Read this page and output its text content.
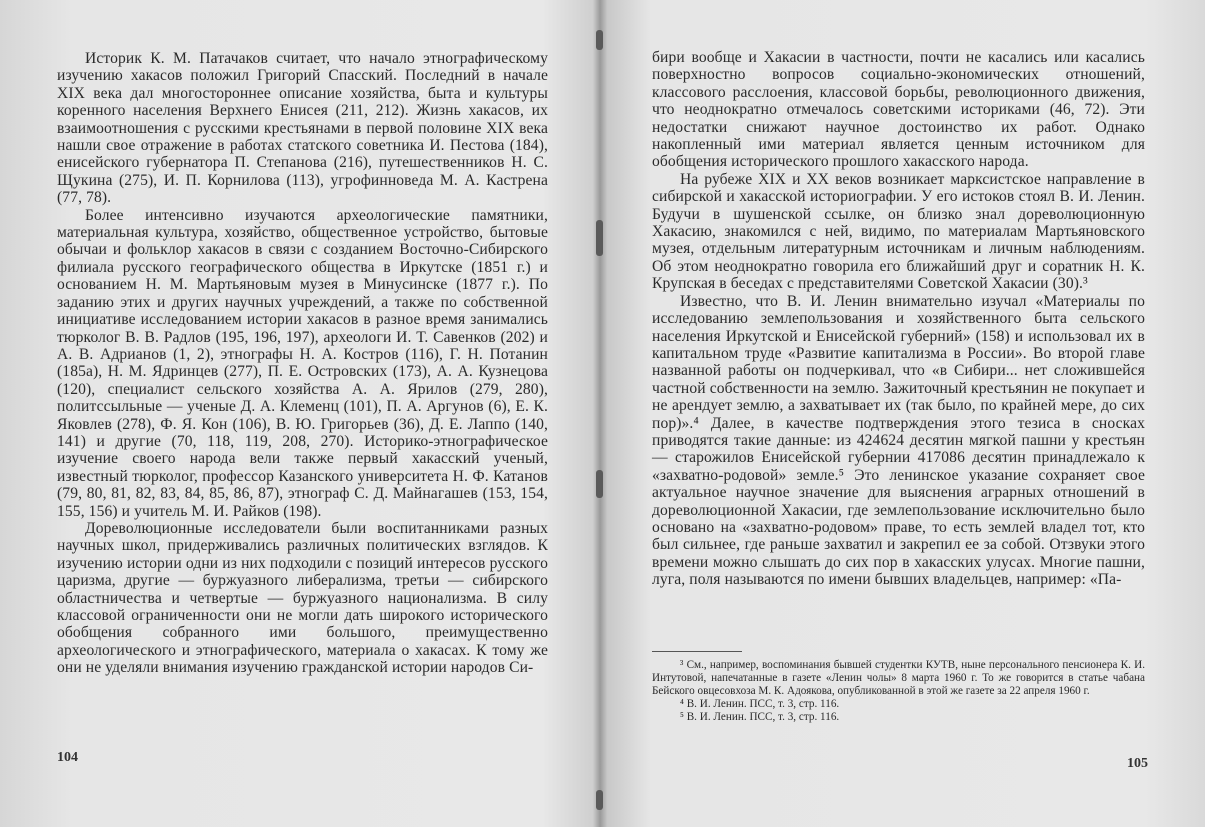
Историк К. М. Патачаков считает, что начало этнографическому изучению хакасов положил Григорий Спасский. Последний в начале XIX века дал многостороннее описание хозяйства, быта и культуры коренного населения Верхнего Енисея (211, 212). Жизнь хакасов, их взаимоотношения с русскими крестьянами в первой половине XIX века нашли свое отражение в работах статского советника И. Пестова (184), енисейского губернатора П. Степанова (216), путешественников Н. С. Щукина (275), И. П. Корнилова (113), угрофинноведа М. А. Кастрена (77, 78).

Более интенсивно изучаются археологические памятники, материальная культура, хозяйство, общественное устройство, бытовые обычаи и фольклор хакасов в связи с созданием Восточно-Сибирского филиала русского географического общества в Иркутске (1851 г.) и основанием Н. М. Мартьяновым музея в Минусинске (1877 г.). По заданию этих и других научных учреждений, а также по собственной инициативе исследованием истории хакасов в разное время занимались тюрколог В. В. Радлов (195, 196, 197), археологи И. Т. Савенков (202) и А. В. Адрианов (1, 2), этнографы Н. А. Костров (116), Г. Н. Потанин (185а), Н. М. Ядринцев (277), П. Е. Островских (173), А. А. Кузнецова (120), специалист сельского хозяйства А. А. Ярилов (279, 280), политссыльные — ученые Д. А. Клеменц (101), П. А. Аргунов (6), Е. К. Яковлев (278), Ф. Я. Кон (106), В. Ю. Григорьев (36), Д. Е. Лаппо (140, 141) и другие (70, 118, 119, 208, 270). Историко-этнографическое изучение своего народа вели также первый хакасский ученый, известный тюрколог, профессор Казанского университета Н. Ф. Катанов (79, 80, 81, 82, 83, 84, 85, 86, 87), этнограф С. Д. Майнагашев (153, 154, 155, 156) и учитель М. И. Райков (198).

Дореволюционные исследователи были воспитанниками разных научных школ, придерживались различных политических взглядов. К изучению истории одни из них подходили с позиций интересов русского царизма, другие — буржуазного либерализма, третьи — сибирского областничества и четвертые — буржуазного национализма. В силу классовой ограниченности они не могли дать широкого исторического обобщения собранного ими большого, преимущественно археологического и этнографического, материала о хакасах. К тому же они не уделяли внимания изучению гражданской истории народов Си-

104

бири вообще и Хакасии в частности, почти не касались или касались поверхностно вопросов социально-экономических отношений, классового расслоения, классовой борьбы, революционного движения, что неоднократно отмечалось советскими историками (46, 72). Эти недостатки снижают научное достоинство их работ. Однако накопленный ими материал является ценным источником для обобщения исторического прошлого хакасского народа.

На рубеже XIX и XX веков возникает марксистское направление в сибирской и хакасской историографии. У его истоков стоял В. И. Ленин. Будучи в шушенской ссылке, он близко знал дореволюционную Хакасию, знакомился с ней, видимо, по материалам Мартьяновского музея, отдельным литературным источникам и личным наблюдениям. Об этом неоднократно говорила его ближайший друг и соратник Н. К. Крупская в беседах с представителями Советской Хакасии (30).³

Известно, что В. И. Ленин внимательно изучал «Материалы по исследованию землепользования и хозяйственного быта сельского населения Иркутской и Енисейской губерний» (158) и использовал их в капитальном труде «Развитие капитализма в России». Во второй главе названной работы он подчеркивал, что «в Сибири... нет сложившейся частной собственности на землю. Зажиточный крестьянин не покупает и не арендует землю, а захватывает их (так было, по крайней мере, до сих пор)».⁴ Далее, в качестве подтверждения этого тезиса в сносках приводятся такие данные: из 424624 десятин мягкой пашни у крестьян — старожилов Енисейской губернии 417086 десятин принадлежало к «захватно-родовой» земле.⁵ Это ленинское указание сохраняет свое актуальное научное значение для выяснения аграрных отношений в дореволюционной Хакасии, где землепользование исключительно было основано на «захватно-родовом» праве, то есть землей владел тот, кто был сильнее, где раньше захватил и закрепил ее за собой. Отзвуки этого времени можно слышать до сих пор в хакасских улусах. Многие пашни, луга, поля называются по имени бывших владельцев, например: «Па-

³ См., например, воспоминания бывшей студентки КУТВ, ныне персонального пенсионера К. И. Интутовой, напечатанные в газете «Ленин чолы» 8 марта 1960 г. То же говорится в статье чабана Бейского овцесовхоза М. К. Адоякова, опубликованной в этой же газете за 22 апреля 1960 г.

⁴ В. И. Ленин. ПСС, т. 3, стр. 116.

⁵ В. И. Ленин. ПСС, т. 3, стр. 116.

105
